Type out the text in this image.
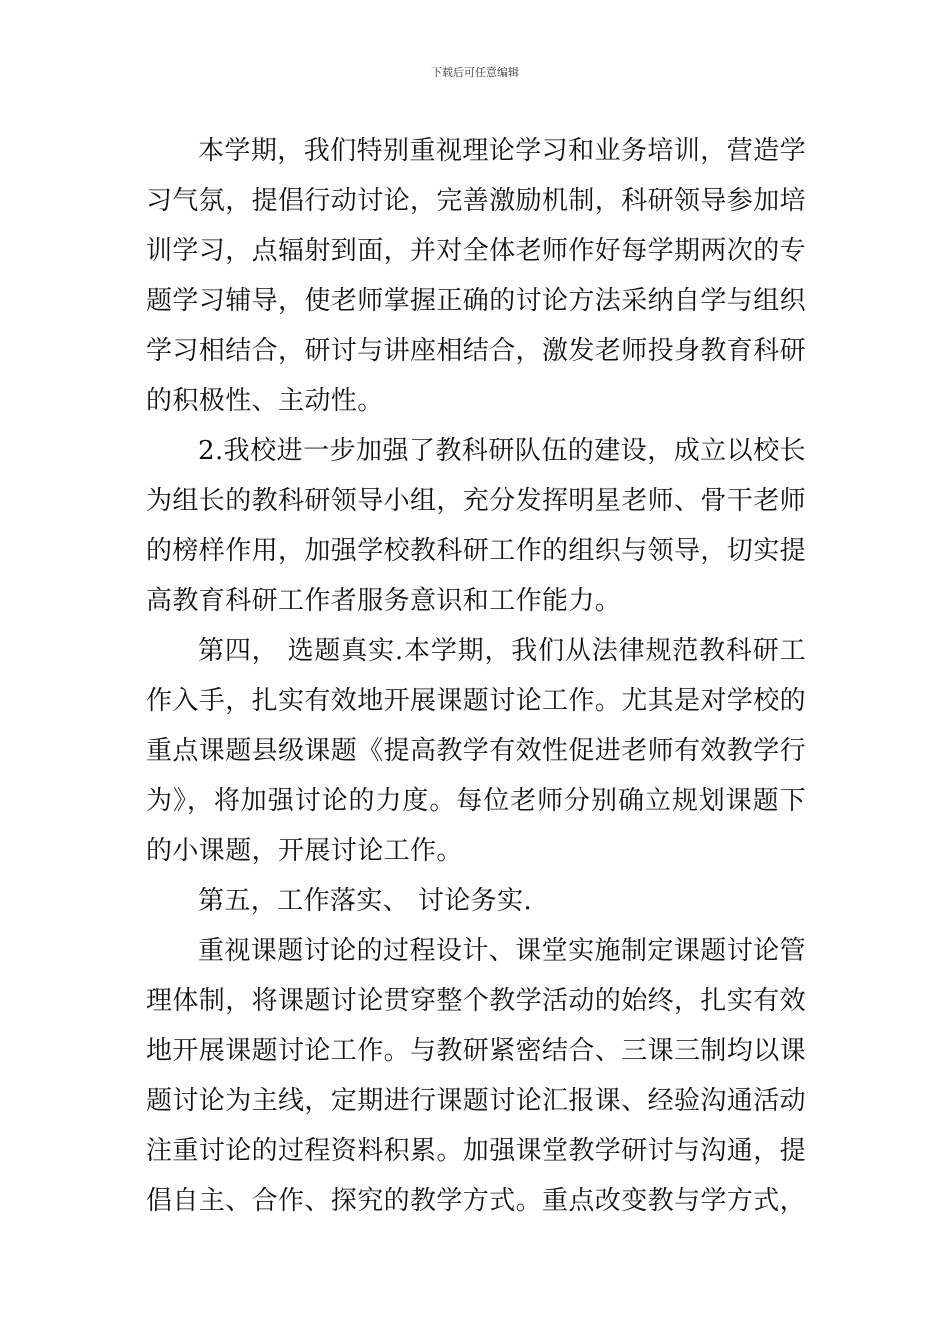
下载后可任意编辑

本学期，我们特别重视理论学习和业务培训，营造学习气氛，提倡行动讨论，完善激励机制，科研领导参加培训学习，点辐射到面，并对全体老师作好每学期两次的专题学习辅导，使老师掌握正确的讨论方法采纳自学与组织学习相结合，研讨与讲座相结合，激发老师投身教育科研的积极性、主动性。

2.我校进一步加强了教科研队伍的建设，成立以校长为组长的教科研领导小组，充分发挥明星老师、骨干老师的榜样作用，加强学校教科研工作的组织与领导，切实提高教育科研工作者服务意识和工作能力。

第四， 选题真实.本学期，我们从法律规范教科研工作入手，扎实有效地开展课题讨论工作。尤其是对学校的重点课题县级课题《提高教学有效性促进老师有效教学行为》，将加强讨论的力度。每位老师分别确立规划课题下的小课题，开展讨论工作。

第五，工作落实、 讨论务实.

重视课题讨论的过程设计、课堂实施制定课题讨论管理体制，将课题讨论贯穿整个教学活动的始终，扎实有效地开展课题讨论工作。与教研紧密结合、三课三制均以课题讨论为主线，定期进行课题讨论汇报课、经验沟通活动注重讨论的过程资料积累。加强课堂教学研讨与沟通，提倡自主、合作、探究的教学方式。重点改变教与学方式，
